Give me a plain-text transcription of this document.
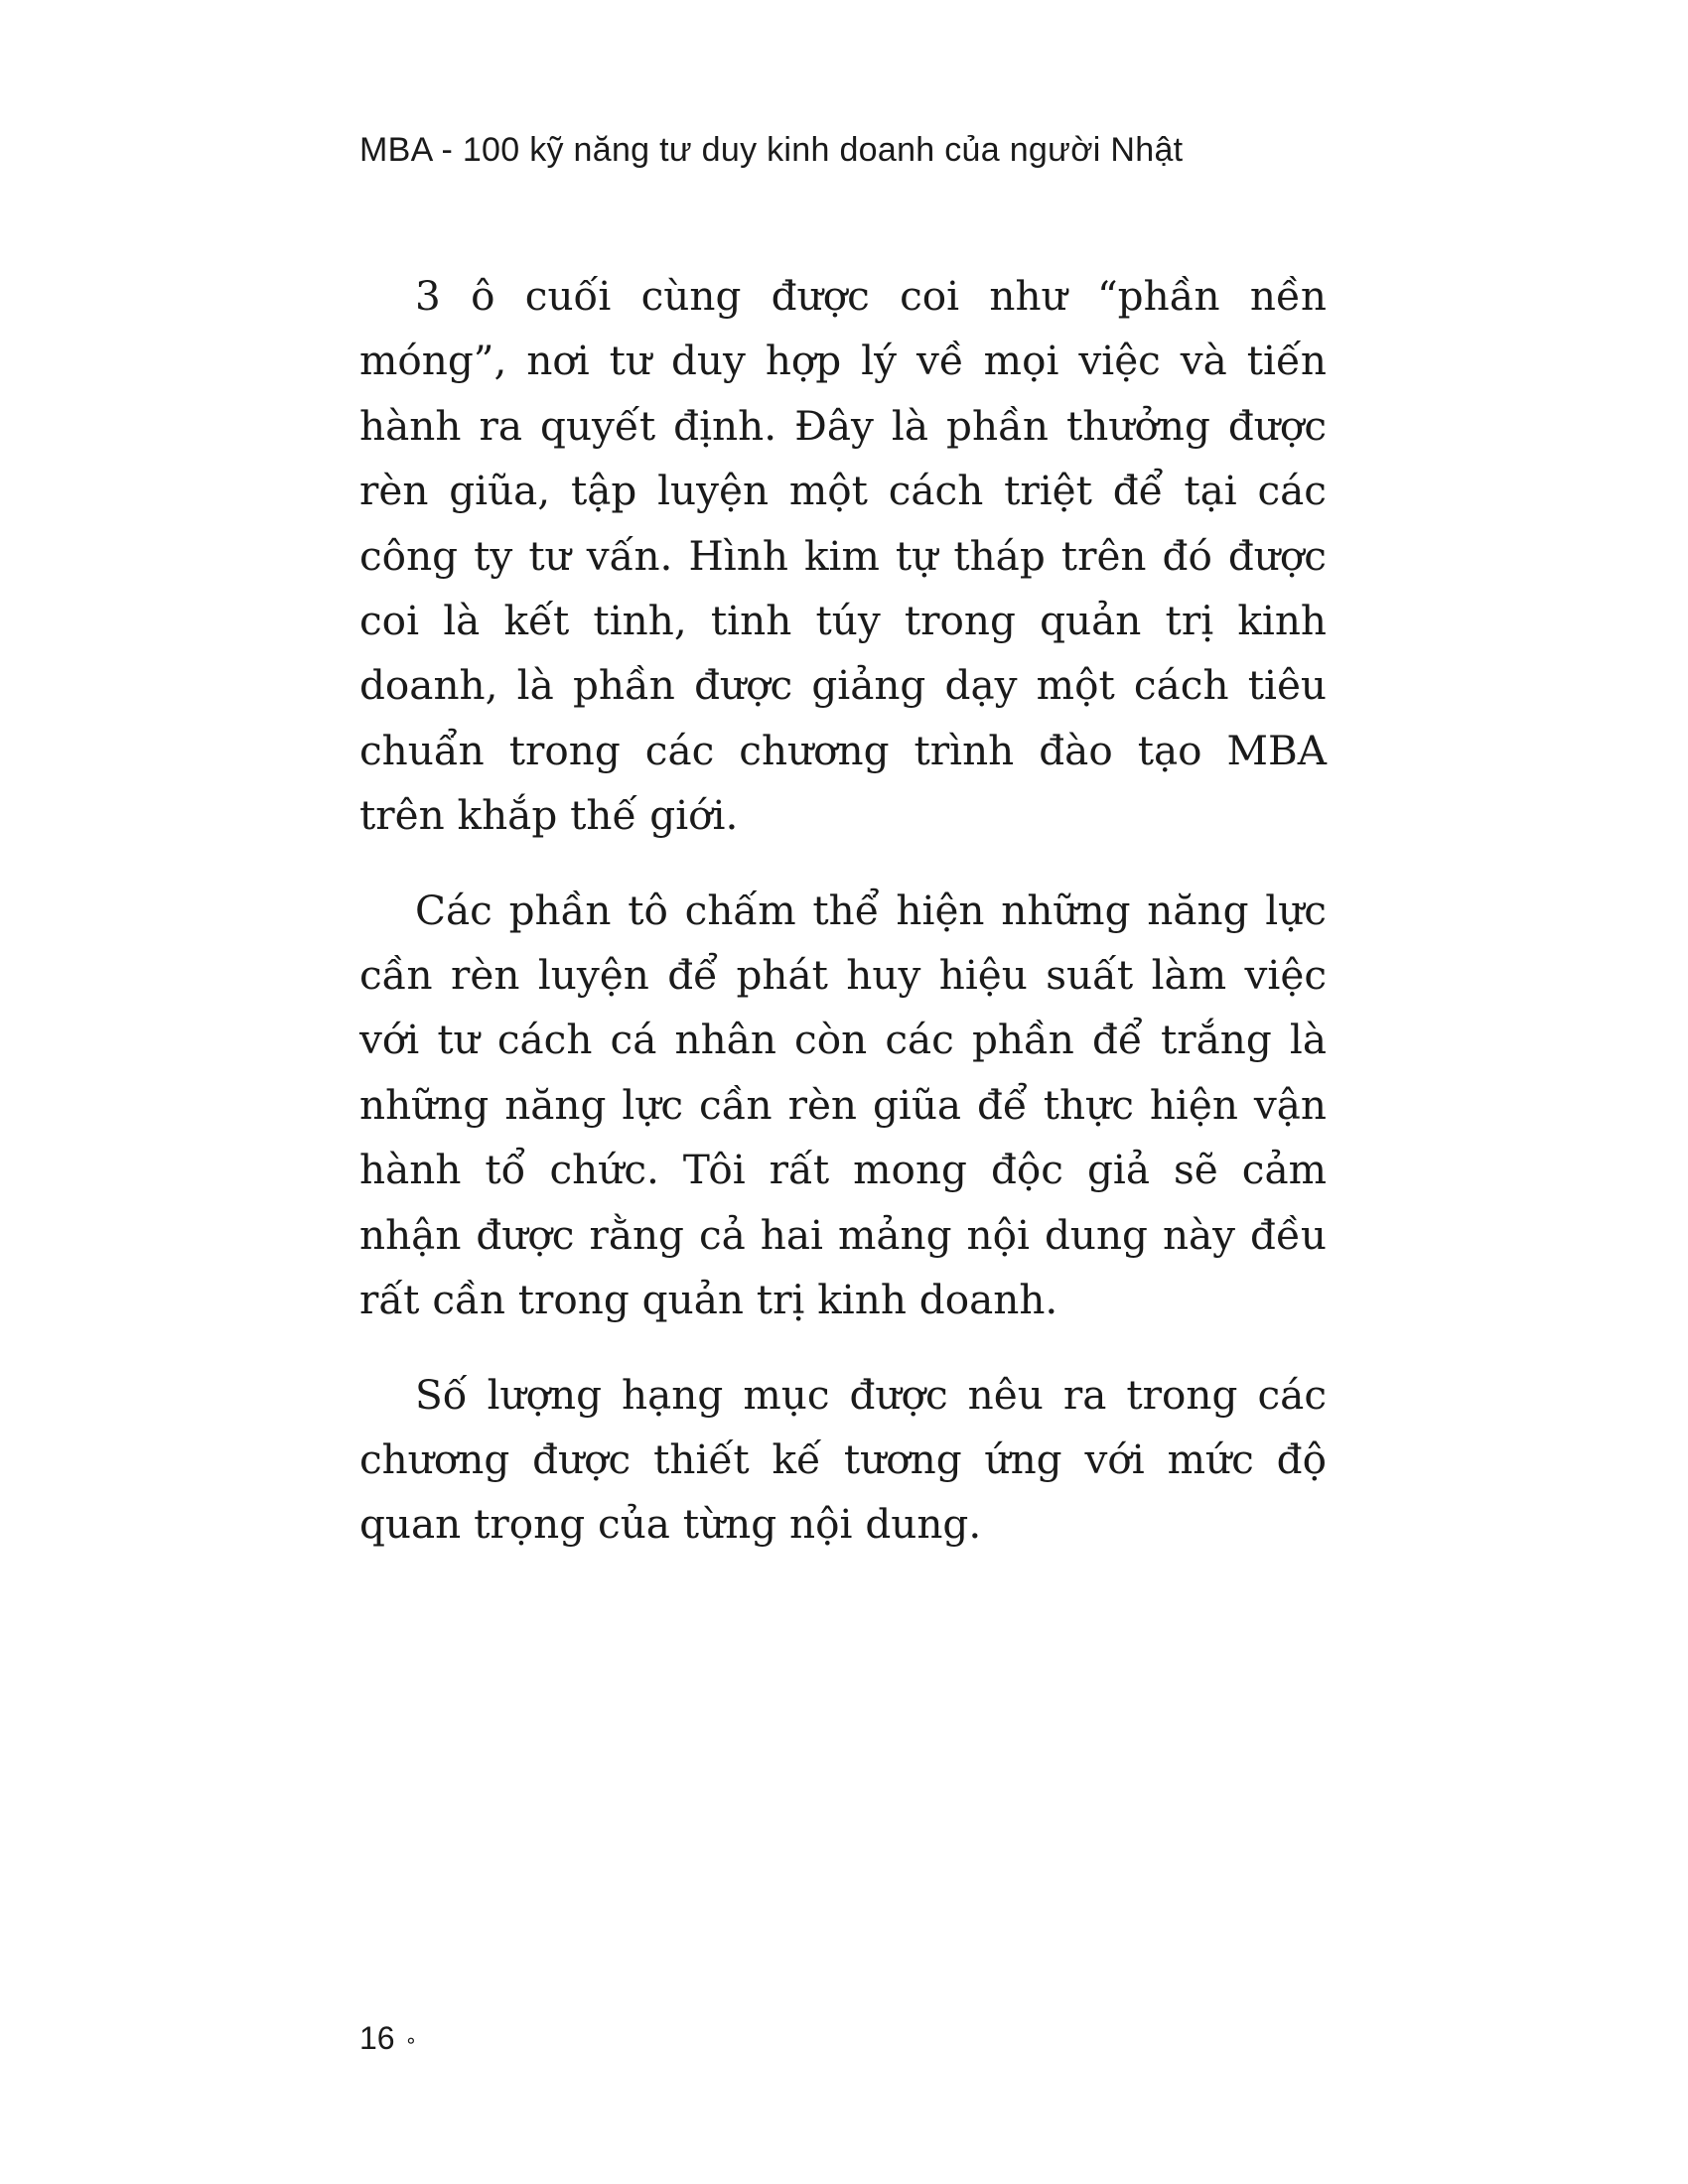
MBA - 100 kỹ năng tư duy kinh doanh của người Nhật

3 ô cuối cùng được coi như “phần nền móng”, nơi tư duy hợp lý về mọi việc và tiến hành ra quyết định. Đây là phần thưởng được rèn giũa, tập luyện một cách triệt để tại các công ty tư vấn. Hình kim tự tháp trên đó được coi là kết tinh, tinh túy trong quản trị kinh doanh, là phần được giảng dạy một cách tiêu chuẩn trong các chương trình đào tạo MBA trên khắp thế giới.

Các phần tô chấm thể hiện những năng lực cần rèn luyện để phát huy hiệu suất làm việc với tư cách cá nhân còn các phần để trắng là những năng lực cần rèn giũa để thực hiện vận hành tổ chức. Tôi rất mong độc giả sẽ cảm nhận được rằng cả hai mảng nội dung này đều rất cần trong quản trị kinh doanh.

Số lượng hạng mục được nêu ra trong các chương được thiết kế tương ứng với mức độ quan trọng của từng nội dung.

16 ∘
